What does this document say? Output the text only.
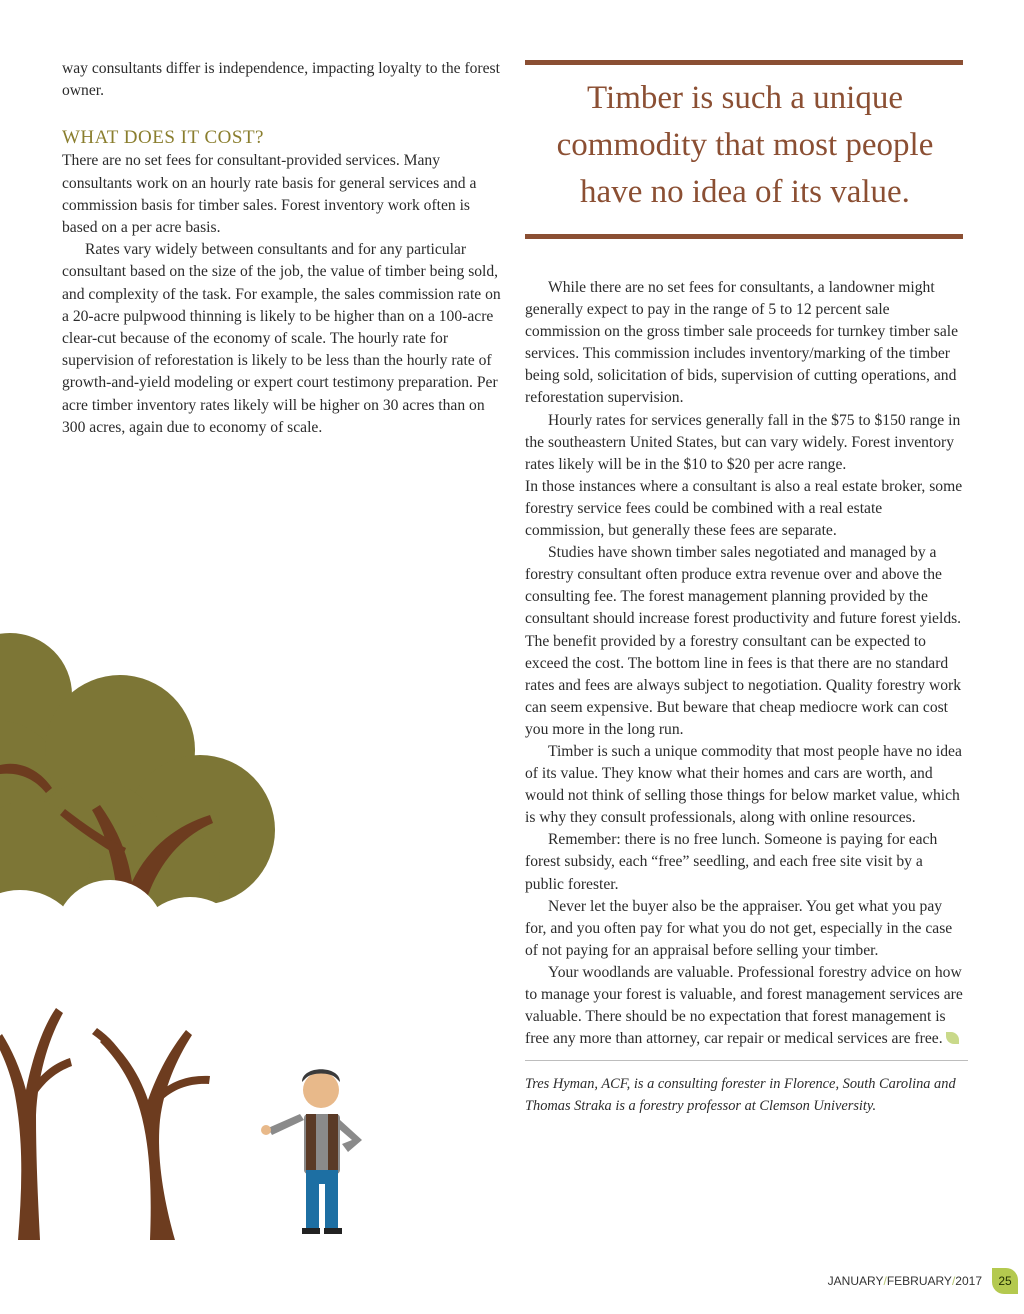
way consultants differ is independence, impacting loyalty to the forest owner.

WHAT DOES IT COST?

There are no set fees for consultant-provided services. Many consultants work on an hourly rate basis for general services and a commission basis for timber sales. Forest inventory work often is based on a per acre basis.

Rates vary widely between consultants and for any particular consultant based on the size of the job, the value of timber being sold, and complexity of the task. For example, the sales commission rate on a 20-acre pulpwood thinning is likely to be higher than on a 100-acre clear-cut because of the economy of scale. The hourly rate for supervision of reforestation is likely to be less than the hourly rate of growth-and-yield modeling or expert court testimony preparation. Per acre timber inventory rates likely will be higher on 30 acres than on 300 acres, again due to economy of scale.

Timber is such a unique commodity that most people have no idea of its value.

While there are no set fees for consultants, a landowner might generally expect to pay in the range of 5 to 12 percent sale commission on the gross timber sale proceeds for turnkey timber sale services. This commission includes inventory/marking of the timber being sold, solicitation of bids, supervision of cutting operations, and reforestation supervision.

Hourly rates for services generally fall in the $75 to $150 range in the southeastern United States, but can vary widely. Forest inventory rates likely will be in the $10 to $20 per acre range.

In those instances where a consultant is also a real estate broker, some forestry service fees could be combined with a real estate commission, but generally these fees are separate.

Studies have shown timber sales negotiated and managed by a forestry consultant often produce extra revenue over and above the consulting fee. The forest management planning provided by the consultant should increase forest productivity and future forest yields. The benefit provided by a forestry consultant can be expected to exceed the cost. The bottom line in fees is that there are no standard rates and fees are always subject to negotiation. Quality forestry work can seem expensive. But beware that cheap mediocre work can cost you more in the long run.

Timber is such a unique commodity that most people have no idea of its value. They know what their homes and cars are worth, and would not think of selling those things for below market value, which is why they consult professionals, along with online resources.

Remember: there is no free lunch. Someone is paying for each forest subsidy, each “free” seedling, and each free site visit by a public forester.

Never let the buyer also be the appraiser. You get what you pay for, and you often pay for what you do not get, especially in the case of not paying for an appraisal before selling your timber.

Your woodlands are valuable. Professional forestry advice on how to manage your forest is valuable, and forest management services are valuable. There should be no expectation that forest management is free any more than attorney, car repair or medical services are free.

Tres Hyman, ACF, is a consulting forester in Florence, South Carolina and Thomas Straka is a forestry professor at Clemson University.

JANUARY / FEBRUARY / 2017 25
